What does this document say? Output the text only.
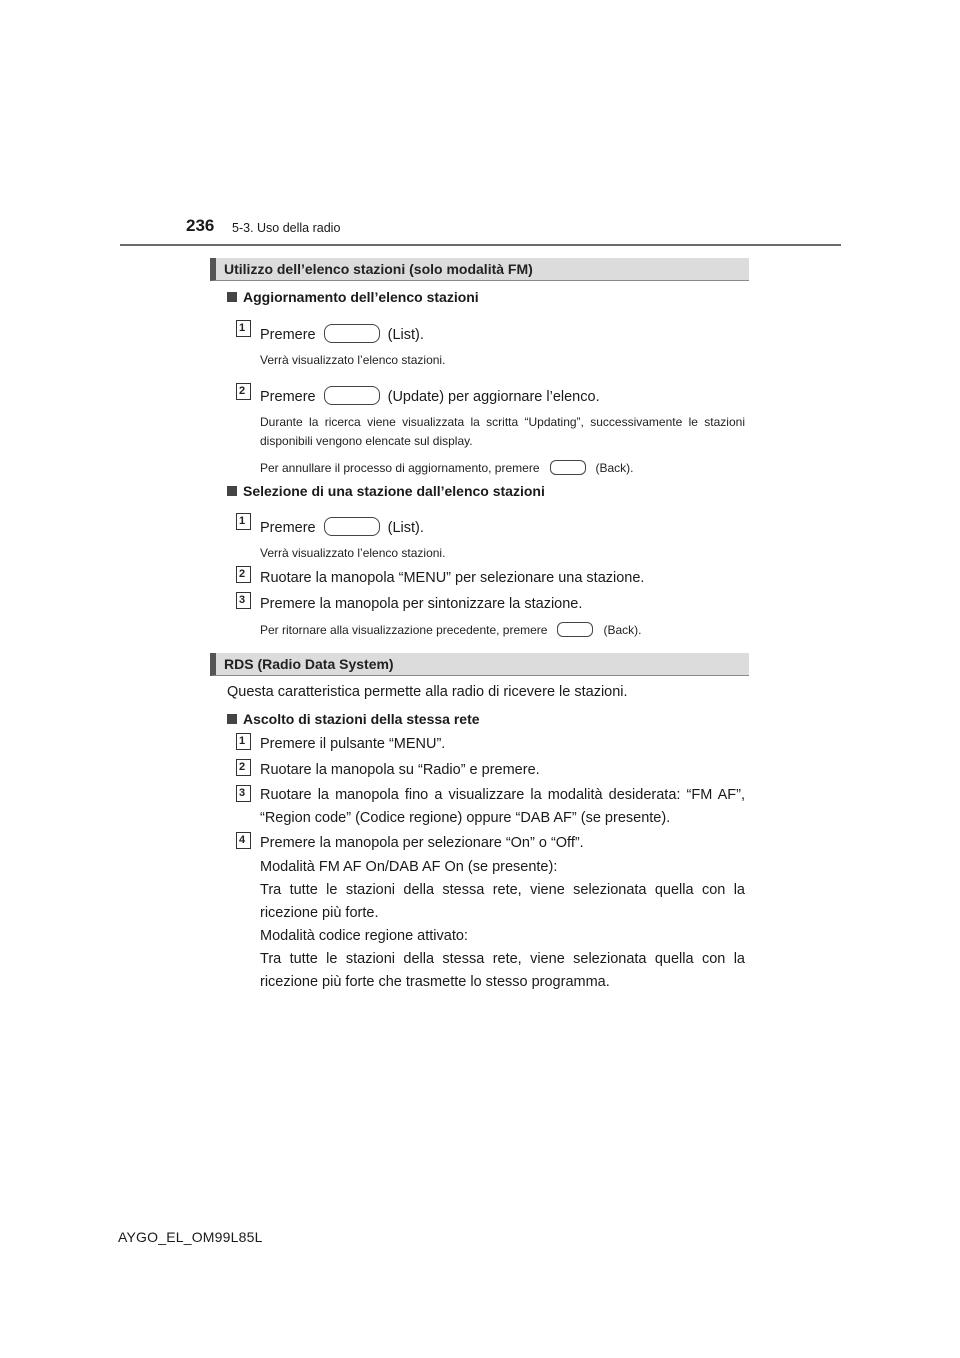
236 5-3. Uso della radio
Utilizzo dell’elenco stazioni (solo modalità FM)
Aggiornamento dell’elenco stazioni
1	Premere	(List).
Verrà visualizzato l’elenco stazioni.
2	Premere	(Update) per aggiornare l’elenco.
Durante la ricerca viene visualizzata la scritta “Updating”, successivamente le stazioni disponibili vengono elencate sul display.
Per annullare il processo di aggiornamento, premere	(Back).
Selezione di una stazione dall’elenco stazioni
1	Premere	(List).
Verrà visualizzato l’elenco stazioni.
2	Ruotare la manopola “MENU” per selezionare una stazione.
3	Premere la manopola per sintonizzare la stazione.
Per ritornare alla visualizzazione precedente, premere	(Back).
RDS (Radio Data System)
Questa caratteristica permette alla radio di ricevere le stazioni.
Ascolto di stazioni della stessa rete
1	Premere il pulsante “MENU”.
2	Ruotare la manopola su “Radio” e premere.
3	Ruotare la manopola fino a visualizzare la modalità desiderata: “FM AF”, “Region code” (Codice regione) oppure “DAB AF” (se presente).
4	Premere la manopola per selezionare “On” o “Off”.
Modalità FM AF On/DAB AF On (se presente):
Tra tutte le stazioni della stessa rete, viene selezionata quella con la ricezione più forte.
Modalità codice regione attivato:
Tra tutte le stazioni della stessa rete, viene selezionata quella con la ricezione più forte che trasmette lo stesso programma.
AYGO_EL_OM99L85L
